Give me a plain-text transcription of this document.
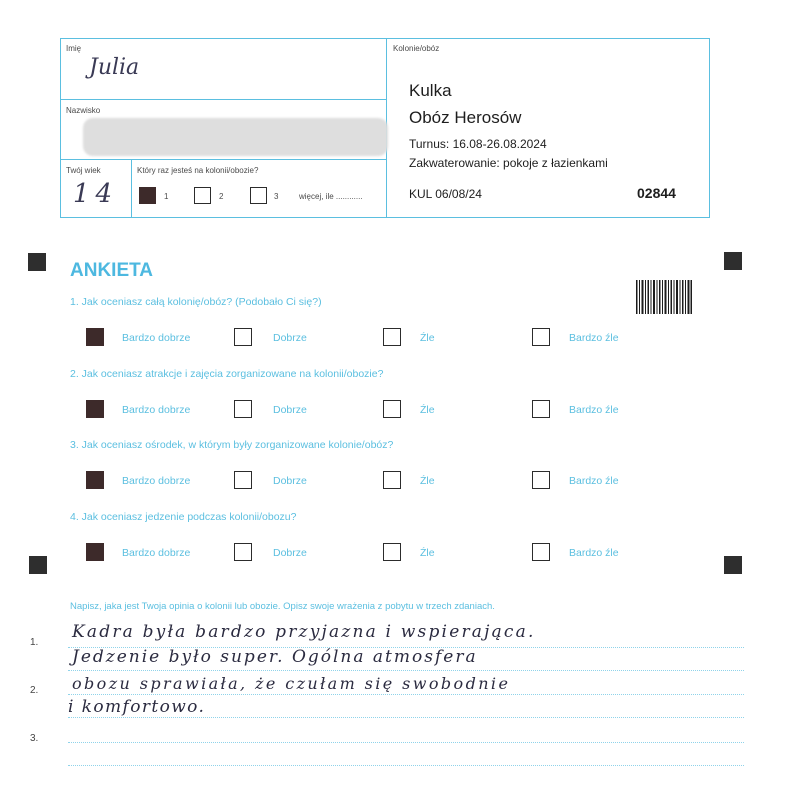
Imię
Julia
Nazwisko
Twój wiek
14
Który raz jesteś na kolonii/obozie?
1	2	3	więcej, ile ............
Kolonie/obóz
Kulka
Obóz Herosów
Turnus: 16.08-26.08.2024
Zakwaterowanie: pokoje z łazienkami
KUL 06/08/24	02844
ANKIETA
1. Jak oceniasz całą kolonię/obóz? (Podobało Ci się?)
2. Jak oceniasz atrakcje i zajęcia zorganizowane na kolonii/obozie?
3. Jak oceniasz ośrodek, w którym były zorganizowane kolonie/obóz?
4. Jak oceniasz jedzenie podczas kolonii/obozu?
Bardzo dobrze	Dobrze	Źle	Bardzo źle
Bardzo dobrze	Dobrze	Źle	Bardzo źle
Bardzo dobrze	Dobrze	Źle	Bardzo źle
Bardzo dobrze	Dobrze	Źle	Bardzo źle
Napisz, jaka jest Twoja opinia o kolonii lub obozie. Opisz swoje wrażenia z pobytu w trzech zdaniach.
1.
2.
3.
Kadra była bardzo przyjazna i wspierająca.
Jedzenie było super. Ogólna atmosfera
obozu sprawiała, że czułam się swobodnie
i komfortowo.
